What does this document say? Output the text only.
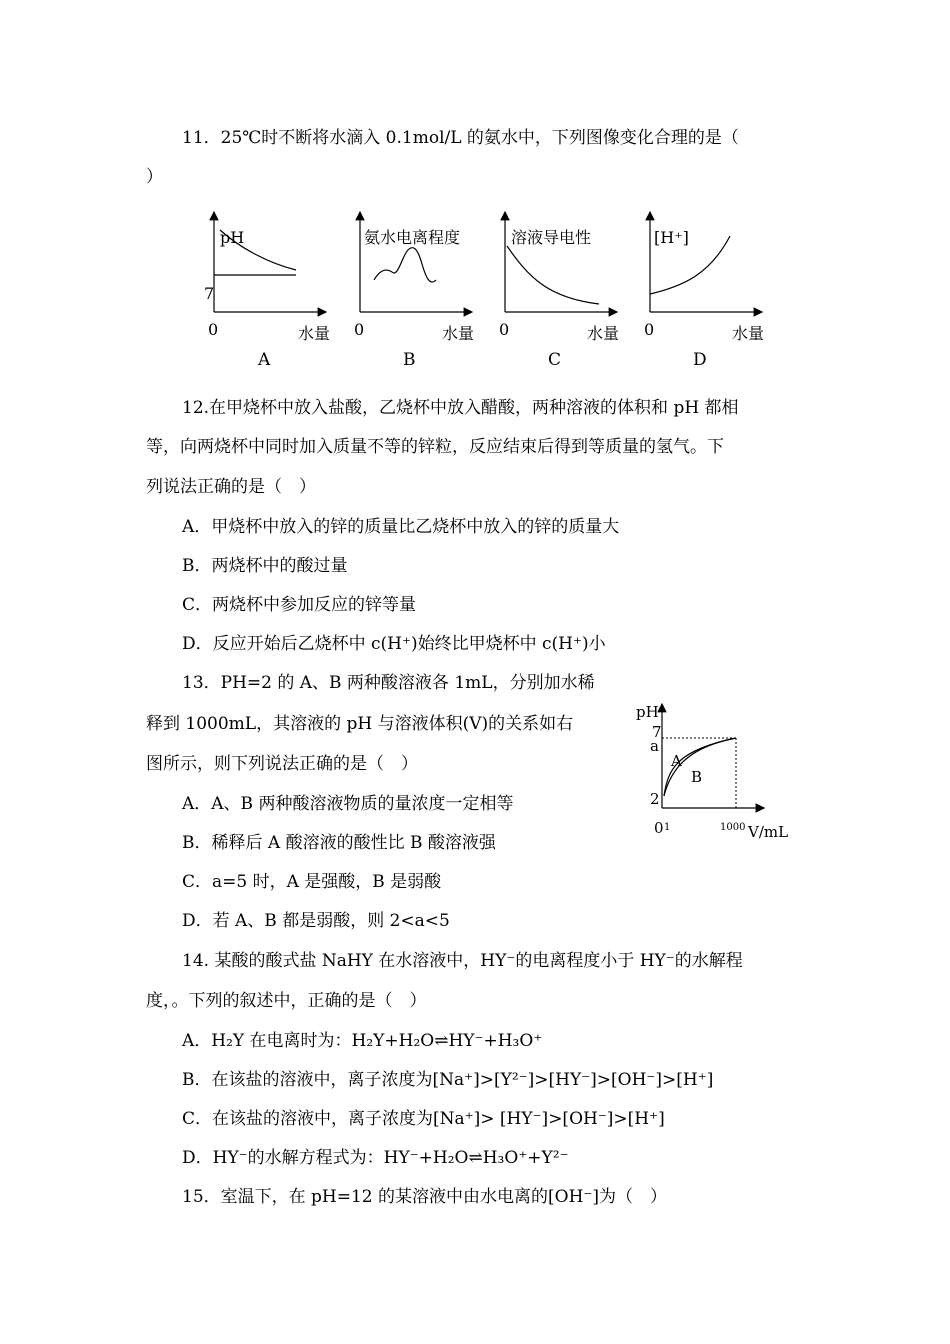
11．25℃时不断将水滴入 0.1mol/L 的氨水中，下列图像变化合理的是（
）
pH
7
0	水量
A
氨水电离程度
0	水量
B
溶液导电性
0	水量
C
[H⁺]
0	水量
D
12.在甲烧杯中放入盐酸，乙烧杯中放入醋酸，两种溶液的体积和 pH 都相
等，向两烧杯中同时加入质量不等的锌粒，反应结束后得到等质量的氢气。下
列说法正确的是（　）
A．甲烧杯中放入的锌的质量比乙烧杯中放入的锌的质量大
B．两烧杯中的酸过量
C．两烧杯中参加反应的锌等量
D．反应开始后乙烧杯中 c(H⁺)始终比甲烧杯中 c(H⁺)小
13．PH=2 的 A、B 两种酸溶液各 1mL，分别加水稀
释到 1000mL，其溶液的 pH 与溶液体积(V)的关系如右
图所示，则下列说法正确的是（　）
A．A、B 两种酸溶液物质的量浓度一定相等
B．稀释后 A 酸溶液的酸性比 B 酸溶液强
C．a=5 时，A 是强酸，B 是弱酸
D．若 A、B 都是弱酸，则 2<a<5
pH
7
a
2
A
B
0 1	1000 V/mL
14. 某酸的酸式盐 NaHY 在水溶液中，HY⁻的电离程度小于 HY⁻的水解程
度，。下列的叙述中，正确的是（　）
A．H₂Y 在电离时为：H₂Y+H₂O⇌HY⁻+H₃O⁺
B．在该盐的溶液中，离子浓度为[Na⁺]>[Y²⁻]>[HY⁻]>[OH⁻]>[H⁺]
C．在该盐的溶液中，离子浓度为[Na⁺]> [HY⁻]>[OH⁻]>[H⁺]
D．HY⁻的水解方程式为：HY⁻+H₂O⇌H₃O⁺+Y²⁻
15．室温下，在 pH=12 的某溶液中由水电离的[OH⁻]为（　）
